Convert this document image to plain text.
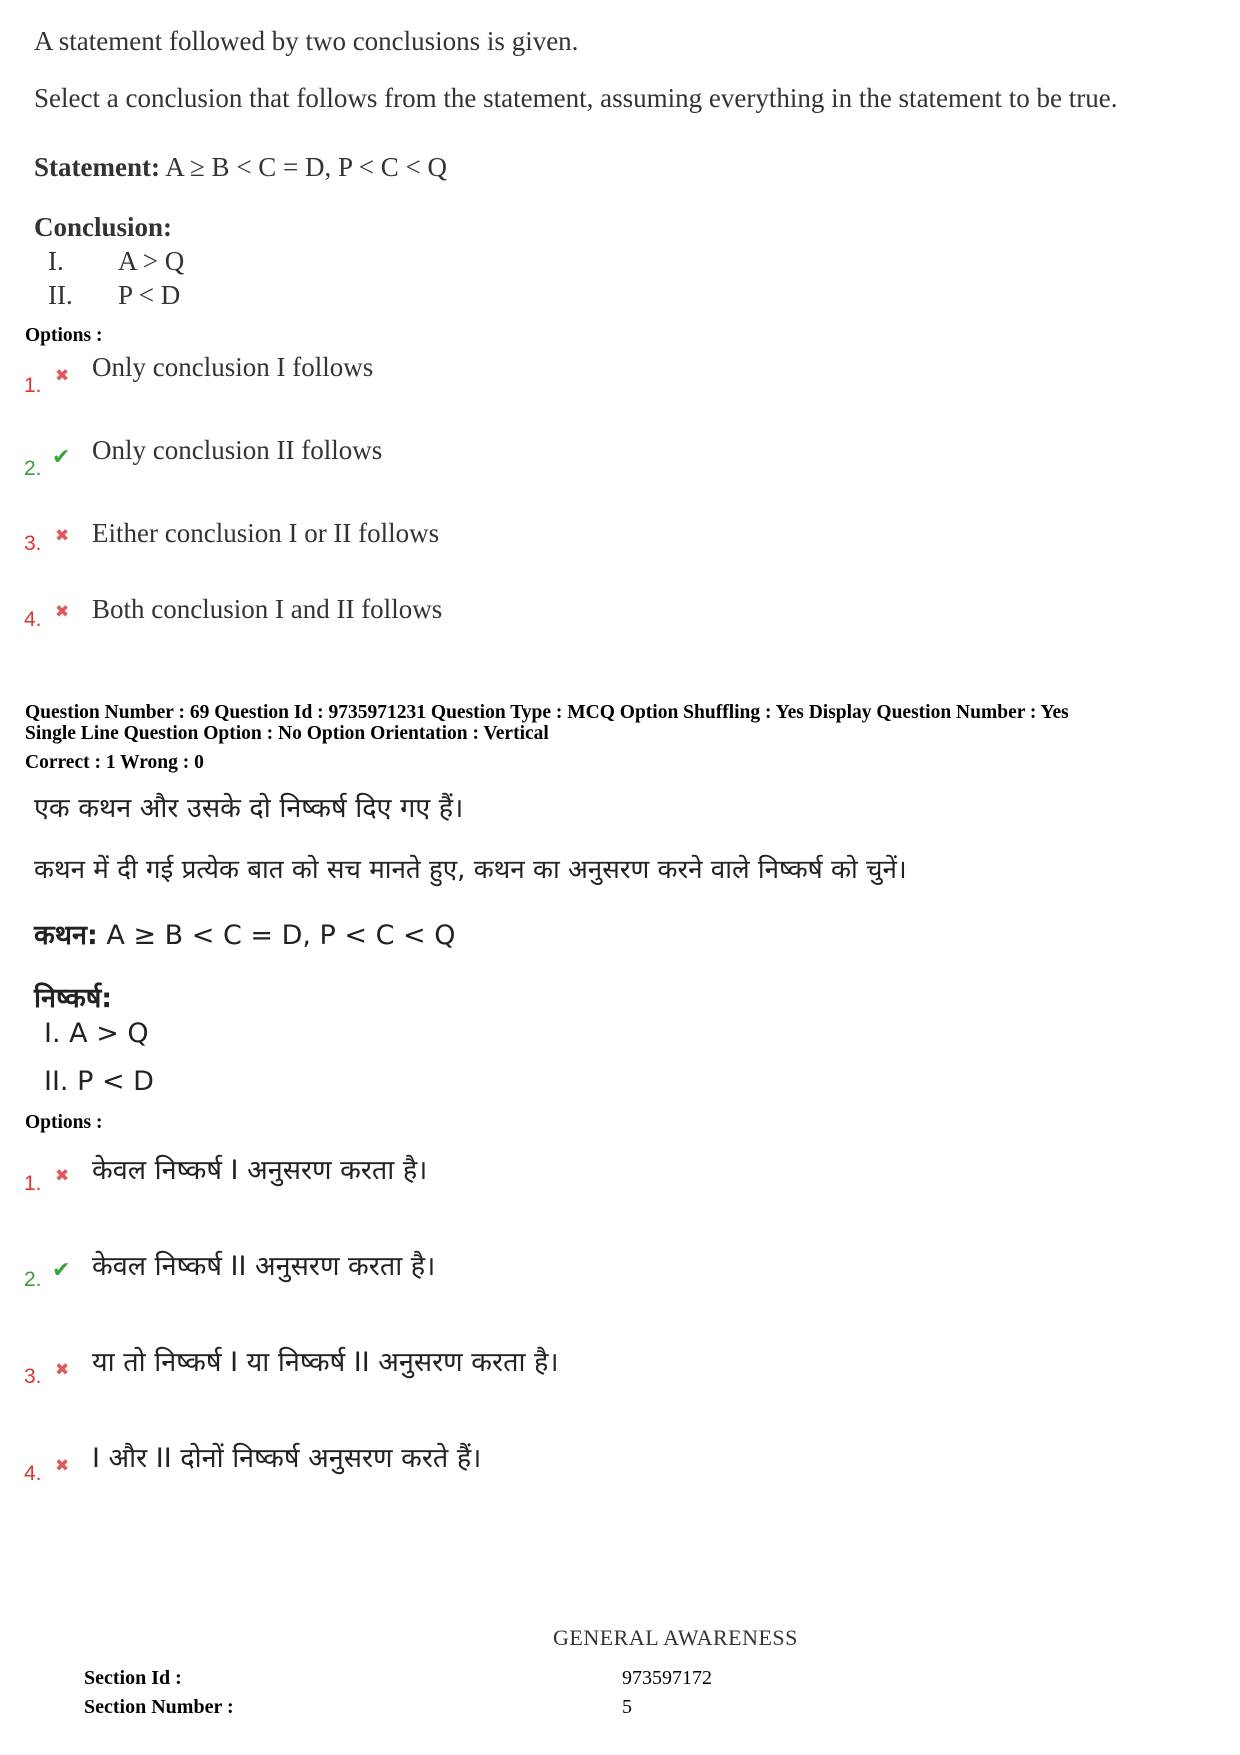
A statement followed by two conclusions is given.
Select a conclusion that follows from the statement, assuming everything in the statement to be true.
Statement: A ≥ B < C = D, P < C < Q
Conclusion:
I. A > Q
II. P < D
Options :
1. ✖ Only conclusion I follows
2. ✔ Only conclusion II follows
3. ✖ Either conclusion I or II follows
4. ✖ Both conclusion I and II follows
Question Number : 69 Question Id : 9735971231 Question Type : MCQ Option Shuffling : Yes Display Question Number : Yes
Single Line Question Option : No Option Orientation : Vertical
Correct : 1 Wrong : 0
एक कथन और उसके दो निष्कर्ष दिए गए हैं।
कथन में दी गई प्रत्येक बात को सच मानते हुए, कथन का अनुसरण करने वाले निष्कर्ष को चुनें।
कथन: A ≥ B < C = D, P < C < Q
निष्कर्ष:
I. A > Q
II. P < D
Options :
1. ✖ केवल निष्कर्ष I अनुसरण करता है।
2. ✔ केवल निष्कर्ष II अनुसरण करता है।
3. ✖ या तो निष्कर्ष I या निष्कर्ष II अनुसरण करता है।
4. ✖ I और II दोनों निष्कर्ष अनुसरण करते हैं।
GENERAL AWARENESS
Section Id :	973597172
Section Number :	5
